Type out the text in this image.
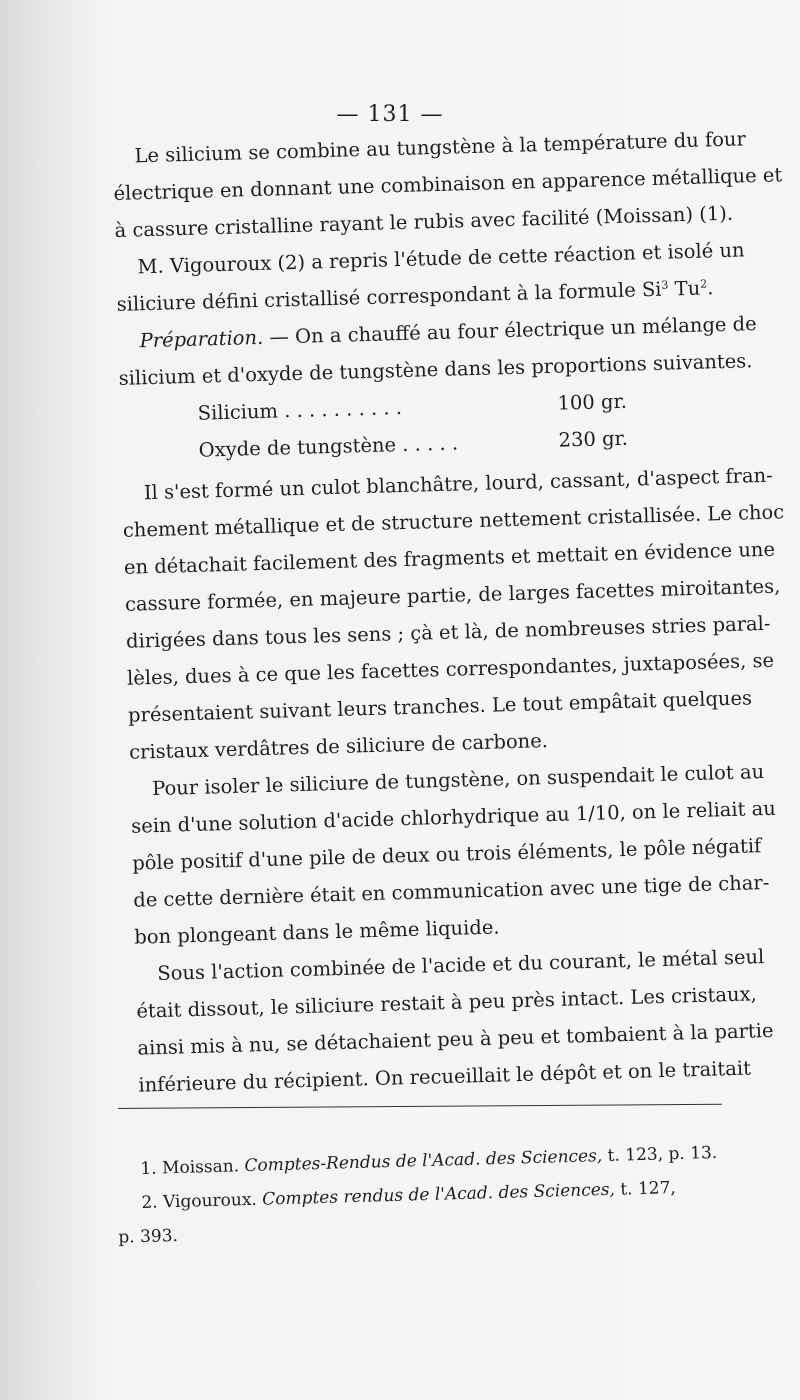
— 131 —

Le silicium se combine au tungstène à la température du four
électrique en donnant une combinaison en apparence métallique et
à cassure cristalline rayant le rubis avec facilité (Moissan) (1).

M. Vigouroux (2) a repris l'étude de cette réaction et isolé un
siliciure défini cristallisé correspondant à la formule Si$^3$ Tu$^2$.

Préparation. — On a chauffé au four électrique un mélange de
silicium et d'oxyde de tungstène dans les proportions suivantes.

Silicium . . . . . . . . . .	100 gr.
Oxyde de tungstène . . . . .	230 gr.

Il s'est formé un culot blanchâtre, lourd, cassant, d'aspect fran-
chement métallique et de structure nettement cristallisée. Le choc
en détachait facilement des fragments et mettait en évidence une
cassure formée, en majeure partie, de larges facettes miroitantes,
dirigées dans tous les sens ; çà et là, de nombreuses stries paral-
lèles, dues à ce que les facettes correspondantes, juxtaposées, se
présentaient suivant leurs tranches. Le tout empâtait quelques
cristaux verdâtres de siliciure de carbone.

Pour isoler le siliciure de tungstène, on suspendait le culot au
sein d'une solution d'acide chlorhydrique au 1/10, on le reliait au
pôle positif d'une pile de deux ou trois éléments, le pôle négatif
de cette dernière était en communication avec une tige de char-
bon plongeant dans le même liquide.

Sous l'action combinée de l'acide et du courant, le métal seul
était dissout, le siliciure restait à peu près intact. Les cristaux,
ainsi mis à nu, se détachaient peu à peu et tombaient à la partie
inférieure du récipient. On recueillait le dépôt et on le traitait

1. Moissan. Comptes-Rendus de l'Acad. des Sciences, t. 123, p. 13.
2. Vigouroux. Comptes rendus de l'Acad. des Sciences, t. 127,
p. 393.
